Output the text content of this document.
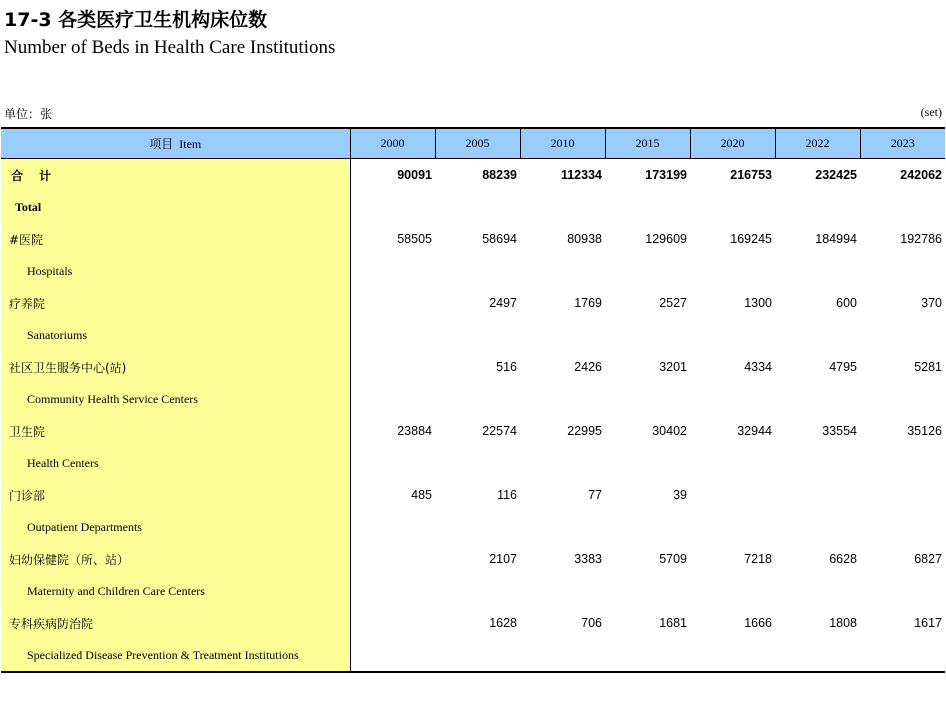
17-3 各类医疗卫生机构床位数
Number of Beds in Health Care Institutions
单位：张	(set)
项目 Item	2000	2005	2010	2015	2020	2022	2023
合 计	90091	88239	112334	173199	216753	232425	242062
Total							
#医院	58505	58694	80938	129609	169245	184994	192786
Hospitals							
疗养院		2497	1769	2527	1300	600	370
Sanatoriums							
社区卫生服务中心(站)		516	2426	3201	4334	4795	5281
Community Health Service Centers							
卫生院	23884	22574	22995	30402	32944	33554	35126
Health Centers							
门诊部	485	116	77	39			
Outpatient Departments							
妇幼保健院（所、站）		2107	3383	5709	7218	6628	6827
Maternity and Children Care Centers							
专科疾病防治院		1628	706	1681	1666	1808	1617
Specialized Disease Prevention & Treatment Institutions							
